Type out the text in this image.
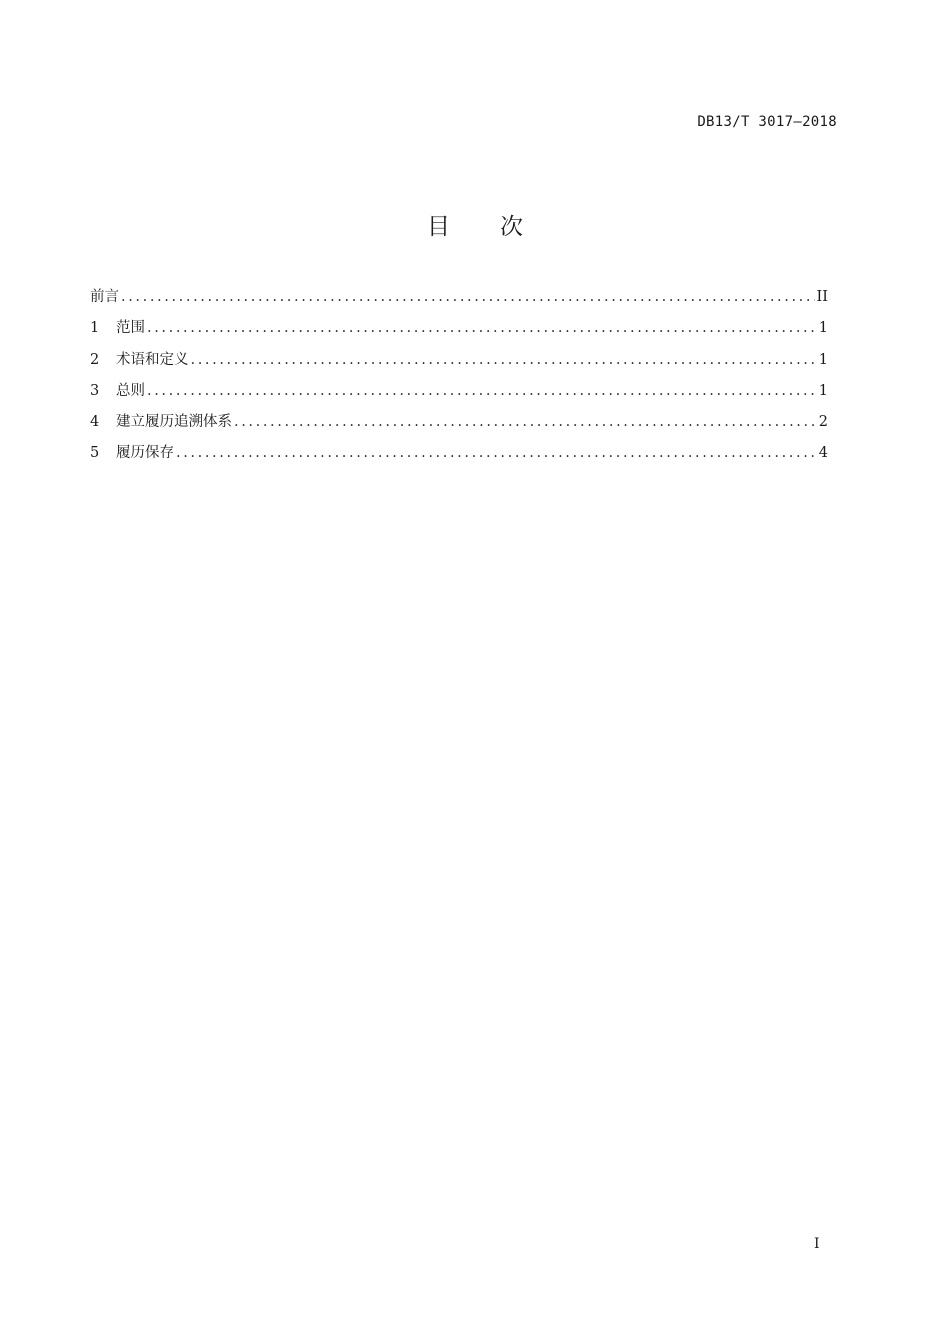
DB13/T 3017—2018
目 次
前言 .....	II
1	范围 .....	1
2	术语和定义 .....	1
3	总则 .....	1
4	建立履历追溯体系 .....	2
5	履历保存 .....	4
I
